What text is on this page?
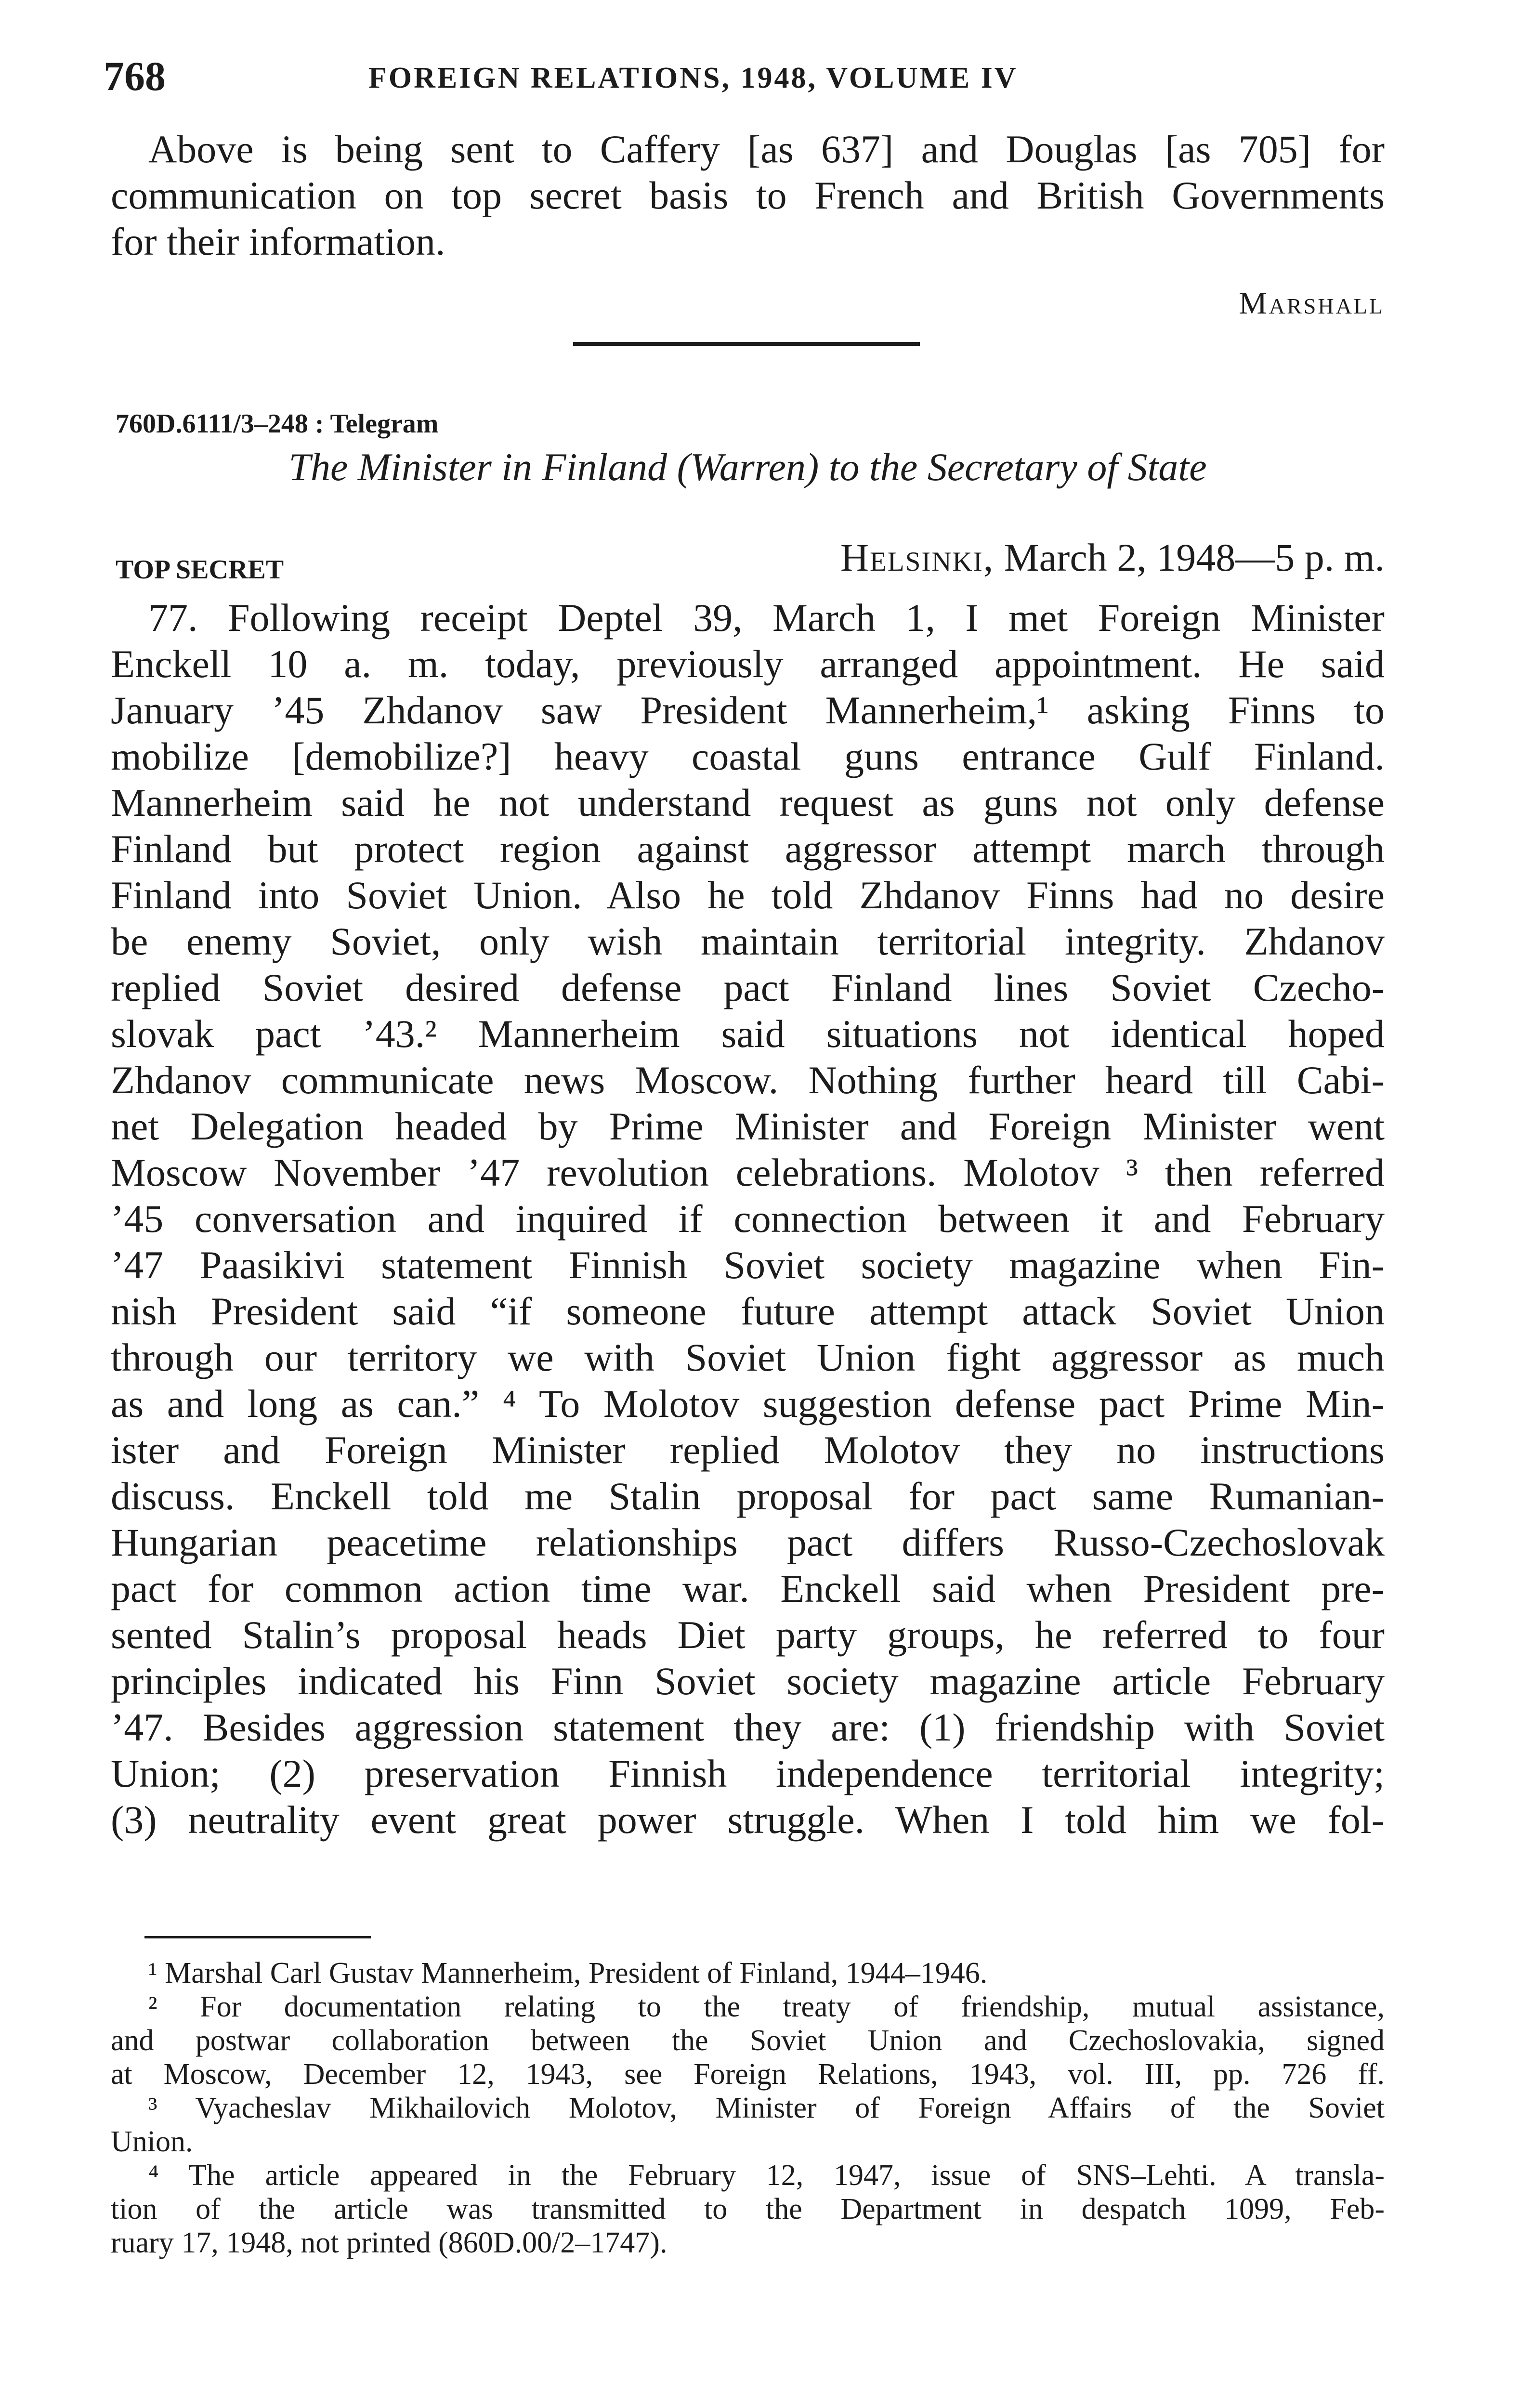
768	FOREIGN RELATIONS, 1948, VOLUME IV
Above is being sent to Caffery [as 637] and Douglas [as 705] for
communication on top secret basis to French and British Governments
for their information.
Marshall
760D.6111/3–248 : Telegram
The Minister in Finland (Warren) to the Secretary of State
Helsinki, March 2, 1948—5 p. m.
TOP SECRET
77. Following receipt Deptel 39, March 1, I met Foreign Minister
Enckell 10 a. m. today, previously arranged appointment. He said
January ’45 Zhdanov saw President Mannerheim,¹ asking Finns to
mobilize [demobilize?] heavy coastal guns entrance Gulf Finland.
Mannerheim said he not understand request as guns not only defense
Finland but protect region against aggressor attempt march through
Finland into Soviet Union. Also he told Zhdanov Finns had no desire
be enemy Soviet, only wish maintain territorial integrity. Zhdanov
replied Soviet desired defense pact Finland lines Soviet Czecho-
slovak pact ’43.² Mannerheim said situations not identical hoped
Zhdanov communicate news Moscow. Nothing further heard till Cabi-
net Delegation headed by Prime Minister and Foreign Minister went
Moscow November ’47 revolution celebrations. Molotov ³ then referred
’45 conversation and inquired if connection between it and February
’47 Paasikivi statement Finnish Soviet society magazine when Fin-
nish President said “if someone future attempt attack Soviet Union
through our territory we with Soviet Union fight aggressor as much
as and long as can.” ⁴ To Molotov suggestion defense pact Prime Min-
ister and Foreign Minister replied Molotov they no instructions
discuss. Enckell told me Stalin proposal for pact same Rumanian-
Hungarian peacetime relationships pact differs Russo-Czechoslovak
pact for common action time war. Enckell said when President pre-
sented Stalin’s proposal heads Diet party groups, he referred to four
principles indicated his Finn Soviet society magazine article February
’47. Besides aggression statement they are: (1) friendship with Soviet
Union; (2) preservation Finnish independence territorial integrity;
(3) neutrality event great power struggle. When I told him we fol-
¹ Marshal Carl Gustav Mannerheim, President of Finland, 1944–1946.
² For documentation relating to the treaty of friendship, mutual assistance,
and postwar collaboration between the Soviet Union and Czechoslovakia, signed
at Moscow, December 12, 1943, see Foreign Relations, 1943, vol. III, pp. 726 ff.
³ Vyacheslav Mikhailovich Molotov, Minister of Foreign Affairs of the Soviet
Union.
⁴ The article appeared in the February 12, 1947, issue of SNS–Lehti. A transla-
tion of the article was transmitted to the Department in despatch 1099, Feb-
ruary 17, 1948, not printed (860D.00/2–1747).
